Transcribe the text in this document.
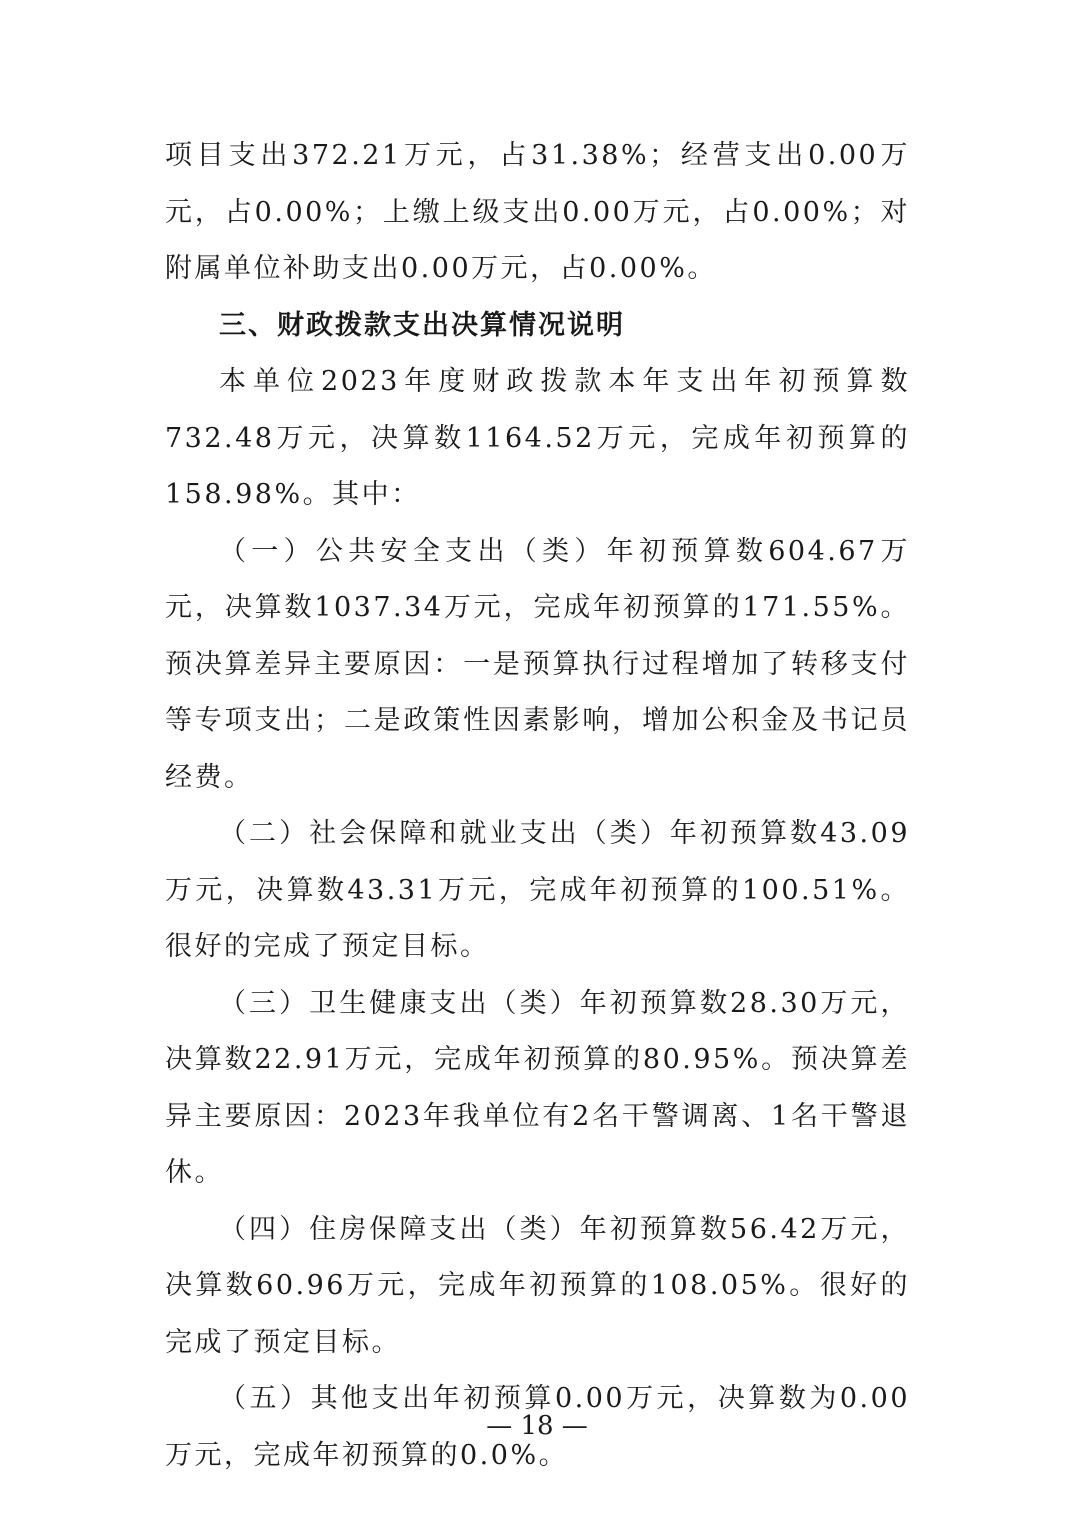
项目支出372.21万元，占31.38%；经营支出0.00万元，占0.00%；上缴上级支出0.00万元，占0.00%；对附属单位补助支出0.00万元，占0.00%。

三、财政拨款支出决算情况说明

本单位2023年度财政拨款本年支出年初预算数732.48万元，决算数1164.52万元，完成年初预算的158.98%。其中：

（一）公共安全支出（类）年初预算数604.67万元，决算数1037.34万元，完成年初预算的171.55%。预决算差异主要原因：一是预算执行过程增加了转移支付等专项支出；二是政策性因素影响，增加公积金及书记员经费。

（二）社会保障和就业支出（类）年初预算数43.09万元，决算数43.31万元，完成年初预算的100.51%。很好的完成了预定目标。

（三）卫生健康支出（类）年初预算数28.30万元，决算数22.91万元，完成年初预算的80.95%。预决算差异主要原因：2023年我单位有2名干警调离、1名干警退休。

（四）住房保障支出（类）年初预算数56.42万元，决算数60.96万元，完成年初预算的108.05%。很好的完成了预定目标。

（五）其他支出年初预算0.00万元，决算数为0.00万元，完成年初预算的0.0%。

— 18 —
